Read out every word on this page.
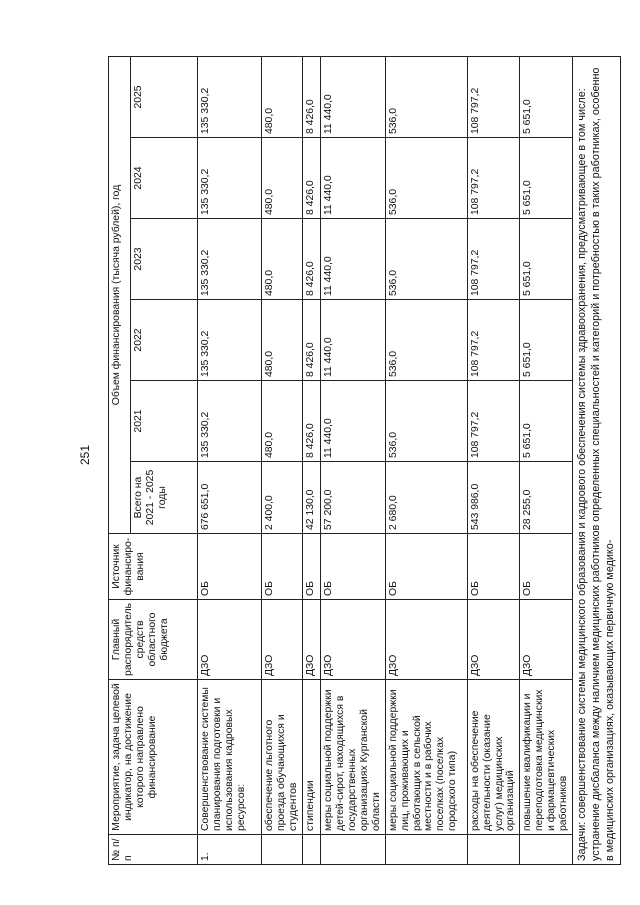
251
№ п/п	Мероприятие, задача целевой индикатор, на достижение которого направлено финансирование	Главный распорядитель средств областного бюджета	Источник финансиро-вания	Объем финансирования (тысяча рублей), год					
				Всего на 2021 - 2025 годы	2021	2022	2023	2024	2025
1.	Совершенствование системы планирования подготовки и использования кадровых ресурсов:	ДЗО	ОБ	676 651,0	135 330,2	135 330,2	135 330,2	135 330,2	135 330,2
	обеспечение льготного проезда обучающихся и студентов	ДЗО	ОБ	2 400,0	480,0	480,0	480,0	480,0	480,0
	стипендии	ДЗО	ОБ	42 130,0	8 426,0	8 426,0	8 426,0	8 426,0	8 426,0
	меры социальной поддержки детей-сирот, находящихся в государственных организациях Курганской области	ДЗО	ОБ	57 200,0	11 440,0	11 440,0	11 440,0	11 440,0	11 440,0
	меры социальной поддержки лиц, проживающих и работающих в сельской местности и в рабочих поселках (поселках городского типа)	ДЗО	ОБ	2 680,0	536,0	536,0	536,0	536,0	536,0
	расходы на обеспечение деятельности (оказание услуг) медицинских организаций	ДЗО	ОБ	543 986,0	108 797,2	108 797,2	108 797,2	108 797,2	108 797,2
	повышение квалификации и переподготовка медицинских и фармацевтических работников	ДЗО	ОБ	28 255,0	5 651,0	5 651,0	5 651,0	5 651,0	5 651,0
Задачи: совершенствование системы медицинского образования и кадрового обеспечения системы здравоохранения, предусматривающее в том числе: устранение дисбаланса между наличием медицинских работников определенных специальностей и категорий и потребностью в таких работниках, особенно в медицинских организациях, оказывающих первичную медико-									
